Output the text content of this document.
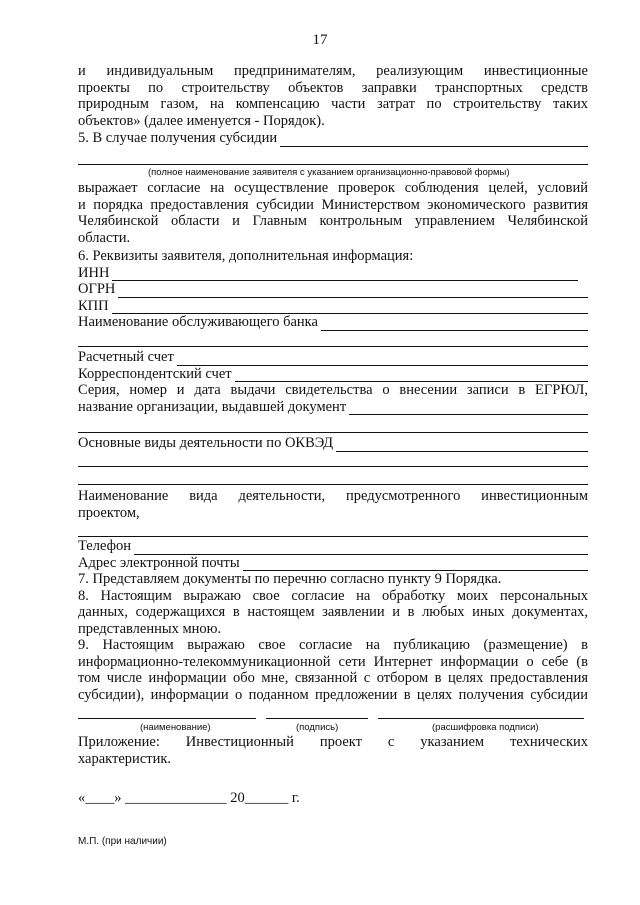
17
и индивидуальным предпринимателям, реализующим инвестиционные
проекты по строительству объектов заправки транспортных средств
природным газом, на компенсацию части затрат по строительству таких
объектов» (далее именуется - Порядок).
5. В случае получения субсидии
(полное наименование заявителя с указанием организационно-правовой формы)
выражает согласие на осуществление проверок соблюдения целей, условий
и порядка предоставления субсидии Министерством экономического развития
Челябинской области и Главным контрольным управлением Челябинской
области.
6. Реквизиты заявителя, дополнительная информация:
ИНН
ОГРН
КПП
Наименование обслуживающего банка
Расчетный счет
Корреспондентский счет
Серия, номер и дата выдачи свидетельства о внесении записи в ЕГРЮЛ,
название организации, выдавшей документ
Основные виды деятельности по ОКВЭД
Наименование вида деятельности, предусмотренного инвестиционным
проектом,
Телефон
Адрес электронной почты
7. Представляем документы по перечню согласно пункту 9 Порядка.
8. Настоящим выражаю свое согласие на обработку моих персональных
данных, содержащихся в настоящем заявлении и в любых иных документах,
представленных мною.
9. Настоящим выражаю свое согласие на публикацию (размещение) в
информационно-телекоммуникационной сети Интернет информации о себе (в
том числе информации обо мне, связанной с отбором в целях предоставления
субсидии), информации о поданном предложении в целях получения субсидии
(наименование)	(подпись)	(расшифровка подписи)
Приложение: Инвестиционный проект с указанием технических
характеристик.
«____» ______________ 20______ г.
М.П. (при наличии)
